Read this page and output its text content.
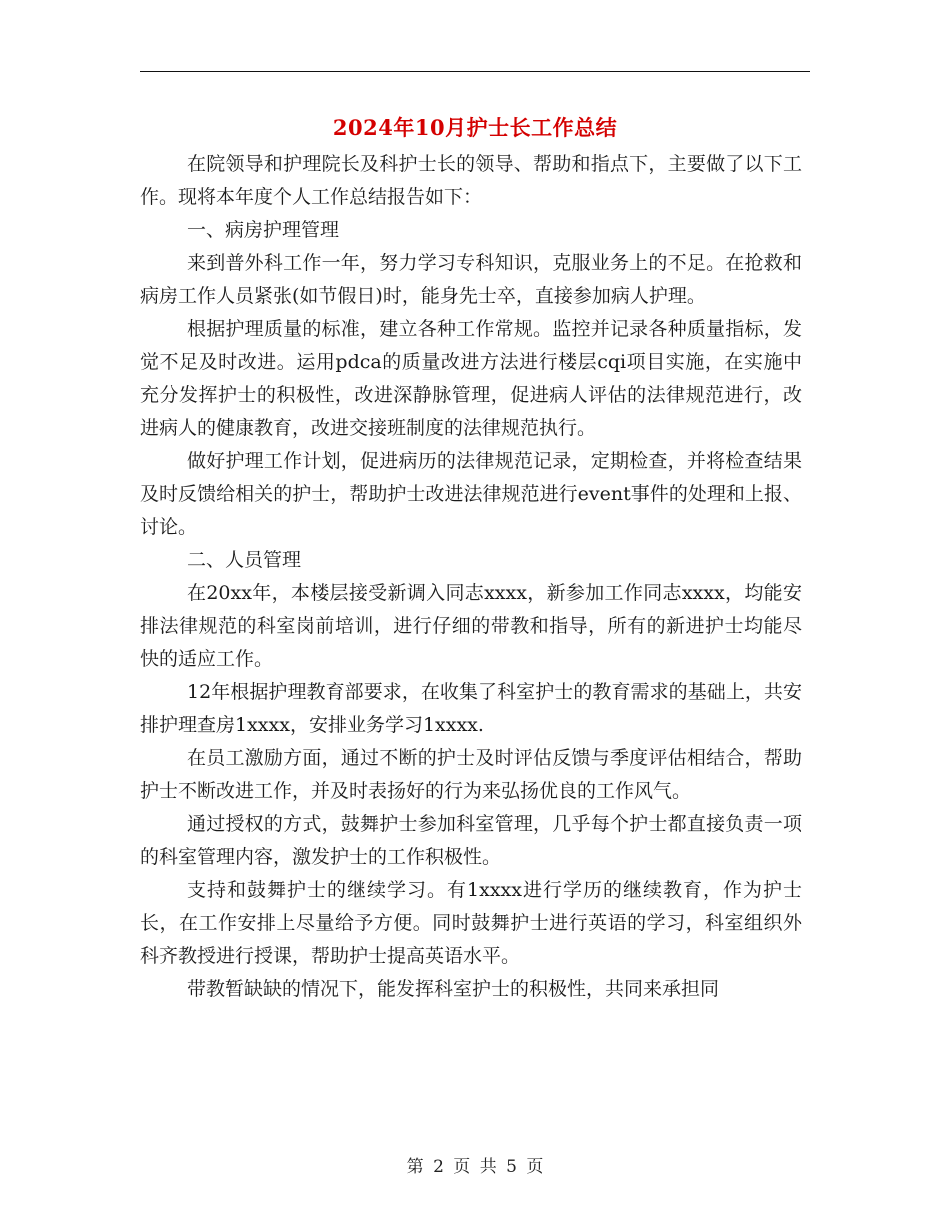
2024年10月护士长工作总结

在院领导和护理院长及科护士长的领导、帮助和指点下，主要做了以下工作。现将本年度个人工作总结报告如下：

一、病房护理管理

来到普外科工作一年，努力学习专科知识，克服业务上的不足。在抢救和病房工作人员紧张(如节假日)时，能身先士卒，直接参加病人护理。

根据护理质量的标准，建立各种工作常规。监控并记录各种质量指标，发觉不足及时改进。运用pdca的质量改进方法进行楼层cqi项目实施，在实施中充分发挥护士的积极性，改进深静脉管理，促进病人评估的法律规范进行，改进病人的健康教育，改进交接班制度的法律规范执行。

做好护理工作计划，促进病历的法律规范记录，定期检查，并将检查结果及时反馈给相关的护士，帮助护士改进法律规范进行event事件的处理和上报、讨论。

二、人员管理

在20xx年，本楼层接受新调入同志xxxx，新参加工作同志xxxx，均能安排法律规范的科室岗前培训，进行仔细的带教和指导，所有的新进护士均能尽快的适应工作。

12年根据护理教育部要求，在收集了科室护士的教育需求的基础上，共安排护理查房1xxxx，安排业务学习1xxxx.

在员工激励方面，通过不断的护士及时评估反馈与季度评估相结合，帮助护士不断改进工作，并及时表扬好的行为来弘扬优良的工作风气。

通过授权的方式，鼓舞护士参加科室管理，几乎每个护士都直接负责一项的科室管理内容，激发护士的工作积极性。

支持和鼓舞护士的继续学习。有1xxxx进行学历的继续教育，作为护士长，在工作安排上尽量给予方便。同时鼓舞护士进行英语的学习，科室组织外科齐教授进行授课，帮助护士提高英语水平。

带教暂缺缺的情况下，能发挥科室护士的积极性，共同来承担同

第 2 页 共 5 页
